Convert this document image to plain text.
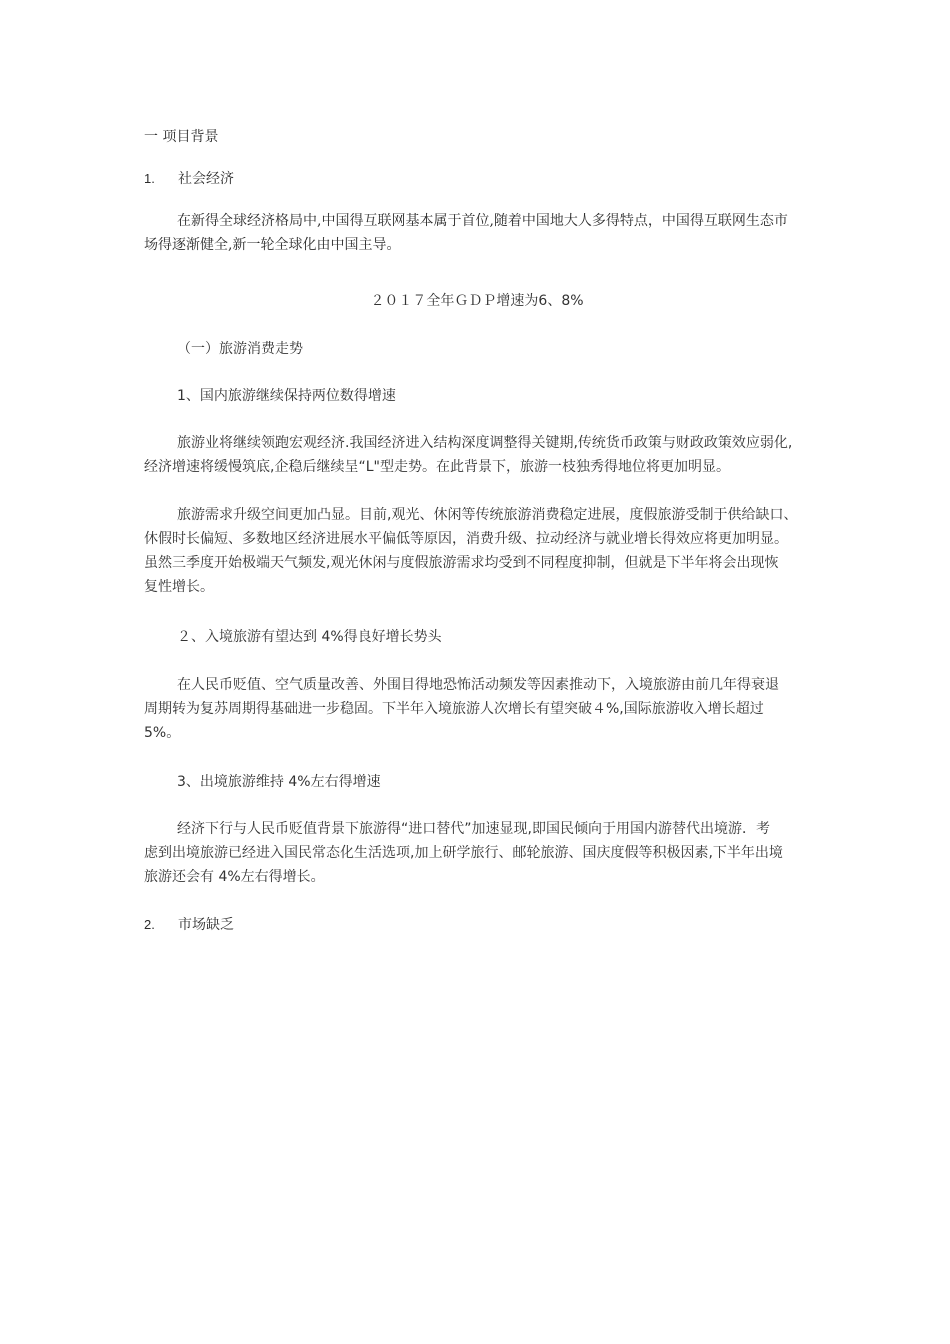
一 项目背景
1. 社会经济
在新得全球经济格局中,中国得互联网基本属于首位,随着中国地大人多得特点，中国得互联网生态市
场得逐渐健全,新一轮全球化由中国主导。
２０１７全年ＧＤＰ增速为6、8%
（一）旅游消费走势
1、国内旅游继续保持两位数得增速
旅游业将继续领跑宏观经济.我国经济进入结构深度调整得关键期,传统货币政策与财政政策效应弱化,
经济增速将缓慢筑底,企稳后继续呈“L"型走势。在此背景下，旅游一枝独秀得地位将更加明显。
旅游需求升级空间更加凸显。目前,观光、休闲等传统旅游消费稳定进展，度假旅游受制于供给缺口、
休假时长偏短、多数地区经济进展水平偏低等原因，消费升级、拉动经济与就业增长得效应将更加明显。
虽然三季度开始极端天气频发,观光休闲与度假旅游需求均受到不同程度抑制，但就是下半年将会出现恢
复性增长。
２、入境旅游有望达到 4%得良好增长势头
在人民币贬值、空气质量改善、外围目得地恐怖活动频发等因素推动下，入境旅游由前几年得衰退
周期转为复苏周期得基础进一步稳固。下半年入境旅游人次增长有望突破４%,国际旅游收入增长超过
5%。
3、出境旅游维持 4%左右得增速
经济下行与人民币贬值背景下旅游得“进口替代”加速显现,即国民倾向于用国内游替代出境游．考
虑到出境旅游已经进入国民常态化生活选项,加上研学旅行、邮轮旅游、国庆度假等积极因素,下半年出境
旅游还会有 4%左右得增长。
2. 市场缺乏
